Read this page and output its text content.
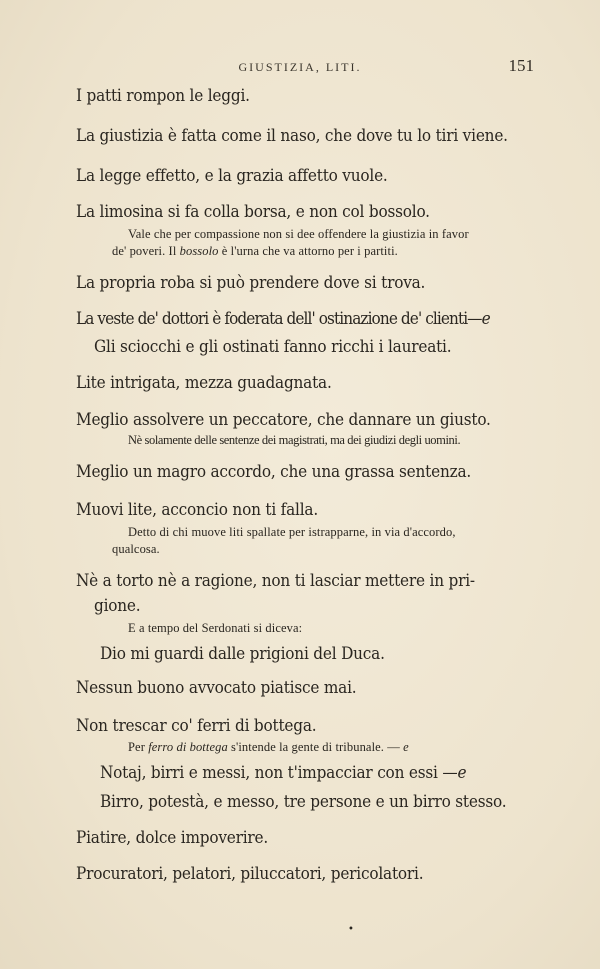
GIUSTIZIA, LITI.	151
I patti rompon le leggi.
La giustizia è fatta come il naso, che dove tu lo tiri viene.
La legge effetto, e la grazia affetto vuole.
La limosina si fa colla borsa, e non col bossolo.
Vale che per compassione non si dee offendere la giustizia in favor
de' poveri. Il bossolo è l'urna che va attorno per i partiti.
La propria roba si può prendere dove si trova.
La veste de' dottori è foderata dell' ostinazione de' clienti—e
Gli sciocchi e gli ostinati fanno ricchi i laureati.
Lite intrigata, mezza guadagnata.
Meglio assolvere un peccatore, che dannare un giusto.
Nè solamente delle sentenze dei magistrati, ma dei giudizi degli uomini.
Meglio un magro accordo, che una grassa sentenza.
Muovi lite, acconcio non ti falla.
Detto di chi muove liti spallate per istrapparne, in via d'accordo,
qualcosa.
Nè a torto nè a ragione, non ti lasciar mettere in pri-
gione.
E a tempo del Serdonati si diceva:
Dio mi guardi dalle prigioni del Duca.
Nessun buono avvocato piatisce mai.
Non trescar co' ferri di bottega.
Per ferro di bottega s'intende la gente di tribunale. — e
Notaj, birri e messi, non t'impacciar con essi —e
Birro, potestà, e messo, tre persone e un birro stesso.
Piatire, dolce impoverire.
Procuratori, pelatori, piluccatori, pericolatori.
•
